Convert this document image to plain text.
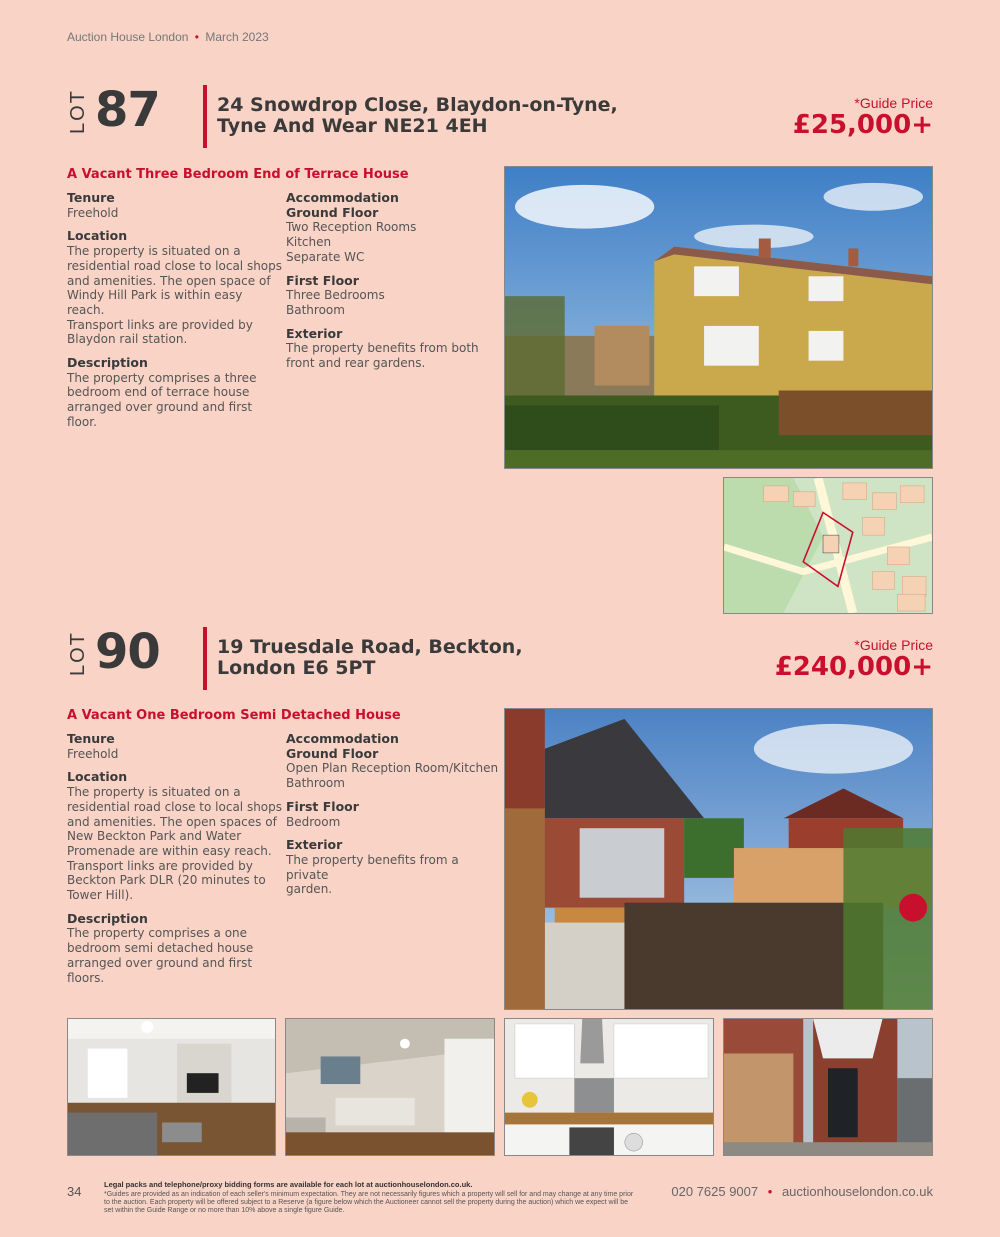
Auction House London • March 2023
LOT 87	24 Snowdrop Close, Blaydon-on-Tyne,
Tyne And Wear NE21 4EH
*Guide Price
£25,000+
A Vacant Three Bedroom End of Terrace House
Tenure
Freehold
Location
The property is situated on a
residential road close to local shops
and amenities. The open space of
Windy Hill Park is within easy reach.
Transport links are provided by
Blaydon rail station.
Description
The property comprises a three
bedroom end of terrace house
arranged over ground and first
floor.
Accommodation
Ground Floor
Two Reception Rooms
Kitchen
Separate WC
First Floor
Three Bedrooms
Bathroom
Exterior
The property benefits from both
front and rear gardens.
LOT 90	19 Truesdale Road, Beckton,
London E6 5PT
*Guide Price
£240,000+
A Vacant One Bedroom Semi Detached House
Tenure
Freehold
Location
The property is situated on a
residential road close to local shops
and amenities. The open spaces of
New Beckton Park and Water
Promenade are within easy reach.
Transport links are provided by
Beckton Park DLR (20 minutes to
Tower Hill).
Description
The property comprises a one
bedroom semi detached house
arranged over ground and first
floors.
Accommodation
Ground Floor
Open Plan Reception Room/Kitchen
Bathroom
First Floor
Bedroom
Exterior
The property benefits from a private
garden.
34	Legal packs and telephone/proxy bidding forms are available for each lot at auctionhouselondon.co.uk.
*Guides are provided as an indication of each seller's minimum expectation. They are not necessarily figures which a property will sell for and may change at any time prior to the auction. Each property will be offered subject to a Reserve (a figure below which the Auctioneer cannot sell the property during the auction) which we expect will be set within the Guide Range or no more than 10% above a single figure Guide.
020 7625 9007 • auctionhouselondon.co.uk
